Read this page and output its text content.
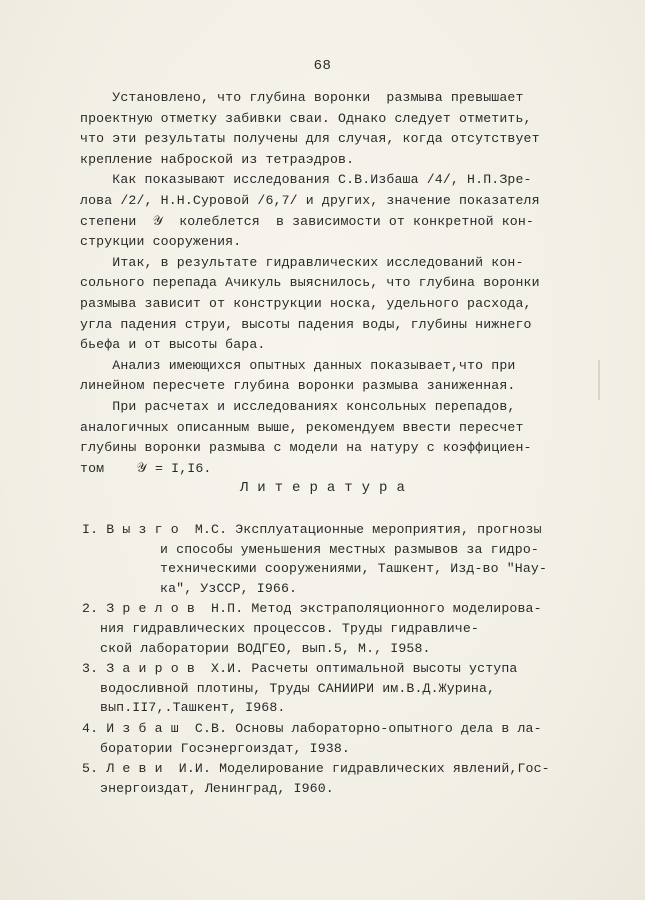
68
Установлено, что глубина воронки  размыва превышает
проектную отметку забивки сваи. Однако следует отметить,
что эти результаты получены для случая, когда отсутствует
крепление наброской из тетраэдров.
Как показывают исследования С.В.Избаша /4/, Н.П.Зре-
лова /2/, Н.Н.Суровой /6,7/ и других, значение показателя
степени  𝒴  колеблется  в зависимости от конкретной кон-
струкции сооружения.
Итак, в результате гидравлических исследований кон-
сольного перепада Ачикуль выяснилось, что глубина воронки
размыва зависит от конструкции носка, удельного расхода,
угла падения струи, высоты падения воды, глубины нижнего
бьефа и от высоты бара.
Анализ имеющихся опытных данных показывает,что при
линейном пересчете глубина воронки размыва заниженная.
При расчетах и исследованиях консольных перепадов,
аналогичных описанным выше, рекомендуем ввести пересчет
глубины воронки размыва с модели на натуру с коэффициен-
том    𝒴 = I,I6.
Л и т е р а т у р а
I. В ы з г о  М.С. Эксплуатационные мероприятия, прогнозы
и способы уменьшения местных размывов за гидро-
техническими сооружениями, Ташкент, Изд-во "Нау-
ка", УзССР, I966.
2. З р е л о в  Н.П. Метод экстраполяционного моделирова-
ния гидравлических процессов. Труды гидравличе-
ской лаборатории ВОДГЕО, вып.5, М., I958.
3. З а и р о в  Х.И. Расчеты оптимальной высоты уступа
водосливной плотины, Труды САНИИРИ им.В.Д.Журина,
вып.II7,.Ташкент, I968.
4. И з б а ш  С.В. Основы лабораторно-опытного дела в ла-
боратории Госэнергоиздат, I938.
5. Л е в и  И.И. Моделирование гидравлических явлений,Гос-
энергоиздат, Ленинград, I960.
